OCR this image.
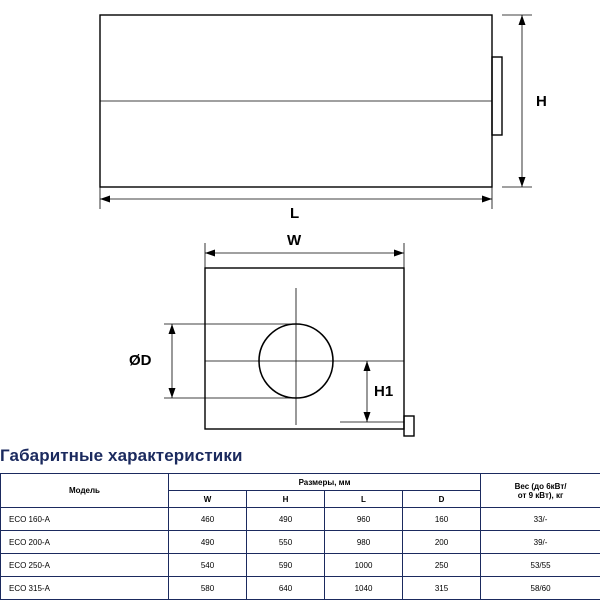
H
L
W
ØD
H1
Габаритные характеристики
Модель	Размеры, мм				Вес (до 6кВт/
от 9 кВт), кг
	W	H	L	D	
ECO 160-A	460	490	960	160	33/-
ECO 200-A	490	550	980	200	39/-
ECO 250-A	540	590	1000	250	53/55
ECO 315-A	580	640	1040	315	58/60
